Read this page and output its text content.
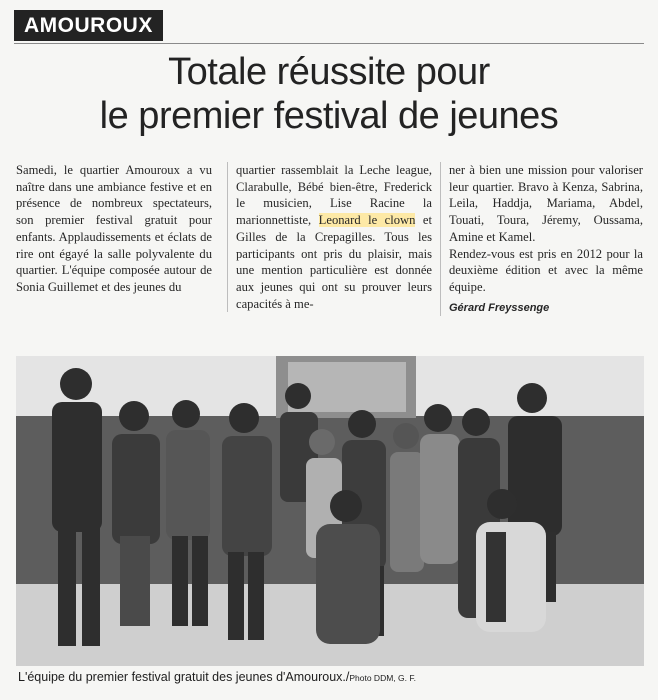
AMOUROUX
Totale réussite pour
le premier festival de jeunes

Samedi, le quartier Amouroux a vu naître dans une ambiance festive et en présence de nombreux spectateurs, son premier festival gratuit pour enfants. Applaudissements et éclats de rire ont égayé la salle polyvalente du quartier. L'équipe composée autour de Sonia Guillemet et des jeunes du

quartier rassemblait la Leche league, Clarabulle, Bébé bien-être, Frederick le musicien, Lise Racine la marionnettiste, Leonard le clown et Gilles de la Crepagilles. Tous les participants ont pris du plaisir, mais une mention particulière est donnée aux jeunes qui ont su prouver leurs capacités à me-

ner à bien une mission pour valoriser leur quartier. Bravo à Kenza, Sabrina, Leila, Haddja, Mariama, Abdel, Touati, Toura, Jéremy, Oussama, Amine et Kamel.

Rendez-vous est pris en 2012 pour la deuxième édition et avec la même équipe.

Gérard Freyssenge

L'équipe du premier festival gratuit des jeunes d'Amouroux./Photo DDM, G. F.
